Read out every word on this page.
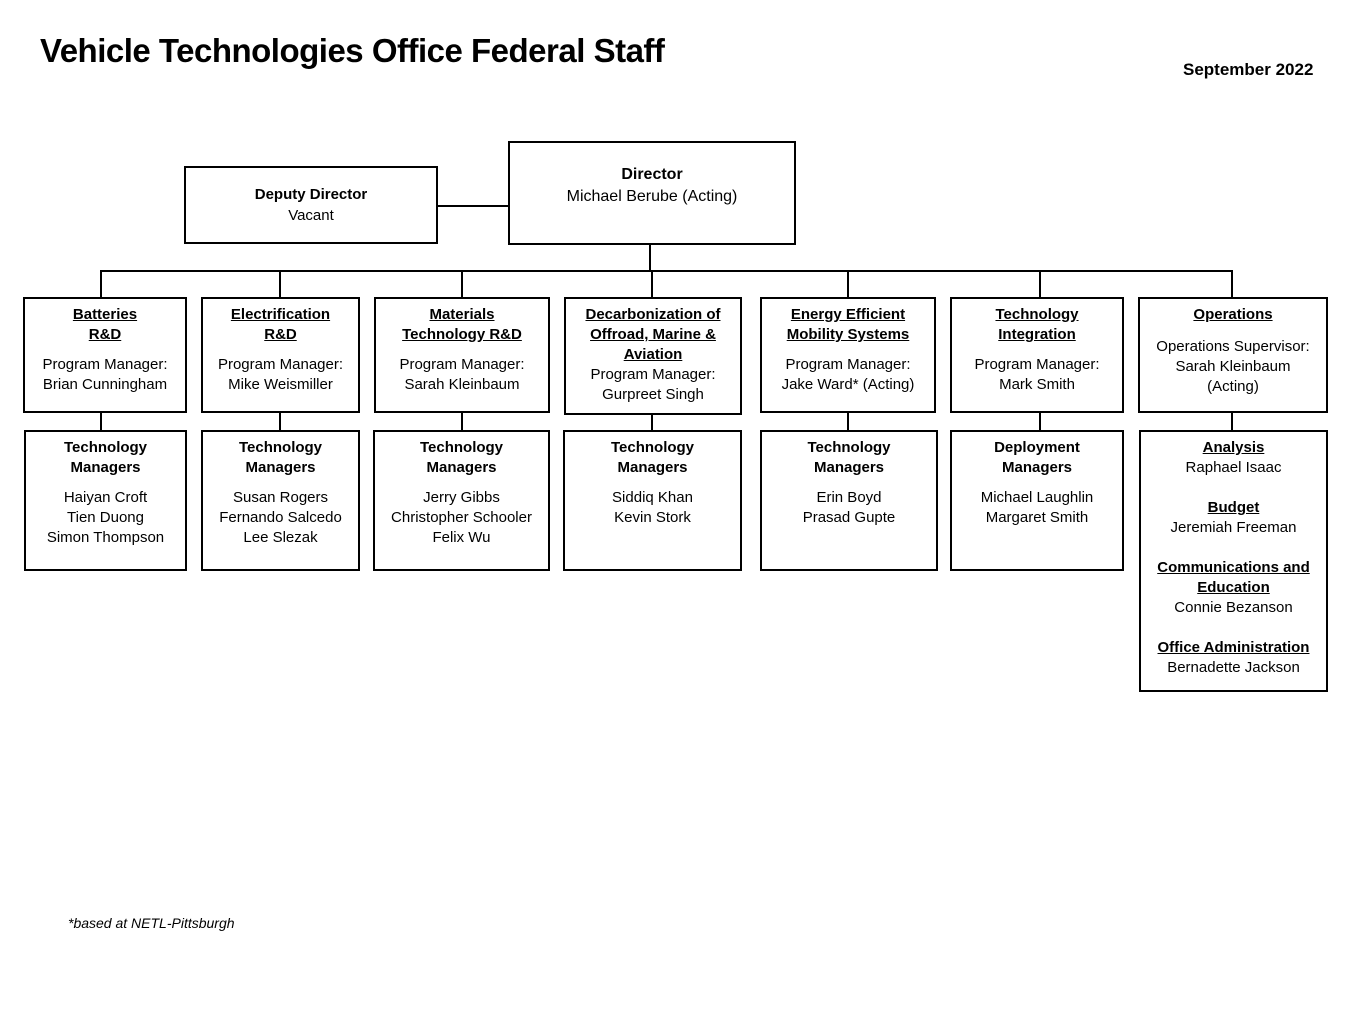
Vehicle Technologies Office Federal Staff
September 2022
Director
Michael Berube (Acting)
Deputy Director
Vacant
Batteries
R&D
Program Manager:
Brian Cunningham
Technology
Managers
Haiyan Croft
Tien Duong
Simon Thompson
Electrification
R&D
Program Manager:
Mike Weismiller
Technology
Managers
Susan Rogers
Fernando Salcedo
Lee Slezak
Materials
Technology R&D
Program Manager:
Sarah Kleinbaum
Technology
Managers
Jerry Gibbs
Christopher Schooler
Felix Wu
Decarbonization of
Offroad, Marine &
Aviation
Program Manager:
Gurpreet Singh
Technology
Managers
Siddiq Khan
Kevin Stork
Energy Efficient
Mobility Systems
Program Manager:
Jake Ward* (Acting)
Technology
Managers
Erin Boyd
Prasad Gupte
Technology
Integration
Program Manager:
Mark Smith
Deployment
Managers
Michael Laughlin
Margaret Smith
Operations
Operations Supervisor:
Sarah Kleinbaum
(Acting)
Analysis
Raphael Isaac
Budget
Jeremiah Freeman
Communications and
Education
Connie Bezanson
Office Administration
Bernadette Jackson
*based at NETL-Pittsburgh
